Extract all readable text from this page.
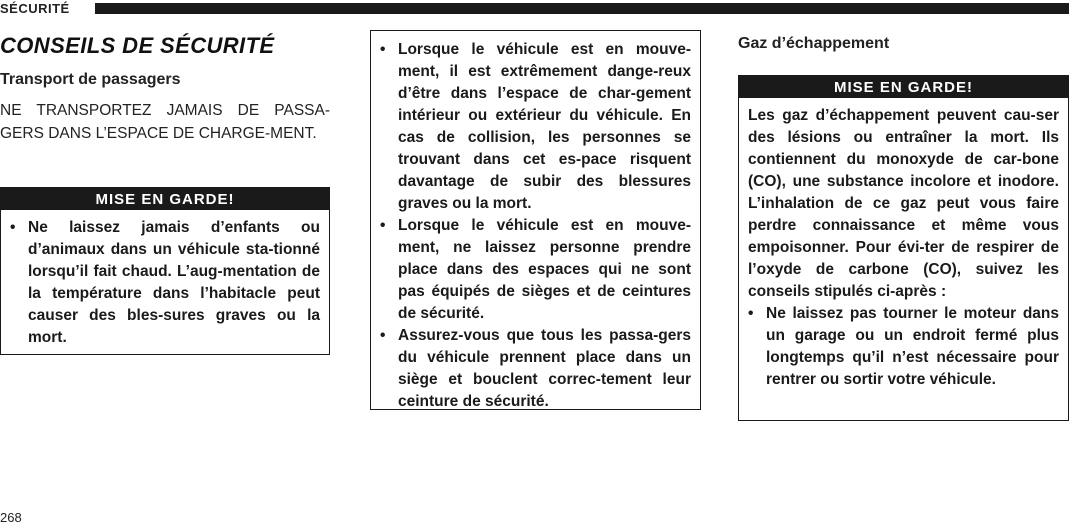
SÉCURITÉ
CONSEILS DE SÉCURITÉ
Transport de passagers

NE TRANSPORTEZ JAMAIS DE PASSA-GERS DANS L’ESPACE DE CHARGE-MENT.

MISE EN GARDE!
• Ne laissez jamais d’enfants ou d’animaux dans un véhicule sta-tionné lorsqu’il fait chaud. L’aug-mentation de la température dans l’habitacle peut causer des bles-sures graves ou la mort.
• Lorsque le véhicule est en mouve-ment, il est extrêmement dange-reux d’être dans l’espace de char-gement intérieur ou extérieur du véhicule. En cas de collision, les personnes se trouvant dans cet es-pace risquent davantage de subir des blessures graves ou la mort.
• Lorsque le véhicule est en mouve-ment, ne laissez personne prendre place dans des espaces qui ne sont pas équipés de sièges et de ceintures de sécurité.
• Assurez-vous que tous les passa-gers du véhicule prennent place dans un siège et bouclent correc-tement leur ceinture de sécurité.
Gaz d’échappement
MISE EN GARDE!

Les gaz d’échappement peuvent cau-ser des lésions ou entraîner la mort. Ils contiennent du monoxyde de car-bone (CO), une substance incolore et inodore. L’inhalation de ce gaz peut vous faire perdre connaissance et même vous empoisonner. Pour évi-ter de respirer de l’oxyde de carbone (CO), suivez les conseils stipulés ci-après :

• Ne laissez pas tourner le moteur dans un garage ou un endroit fermé plus longtemps qu’il n’est nécessaire pour rentrer ou sortir votre véhicule.
268
